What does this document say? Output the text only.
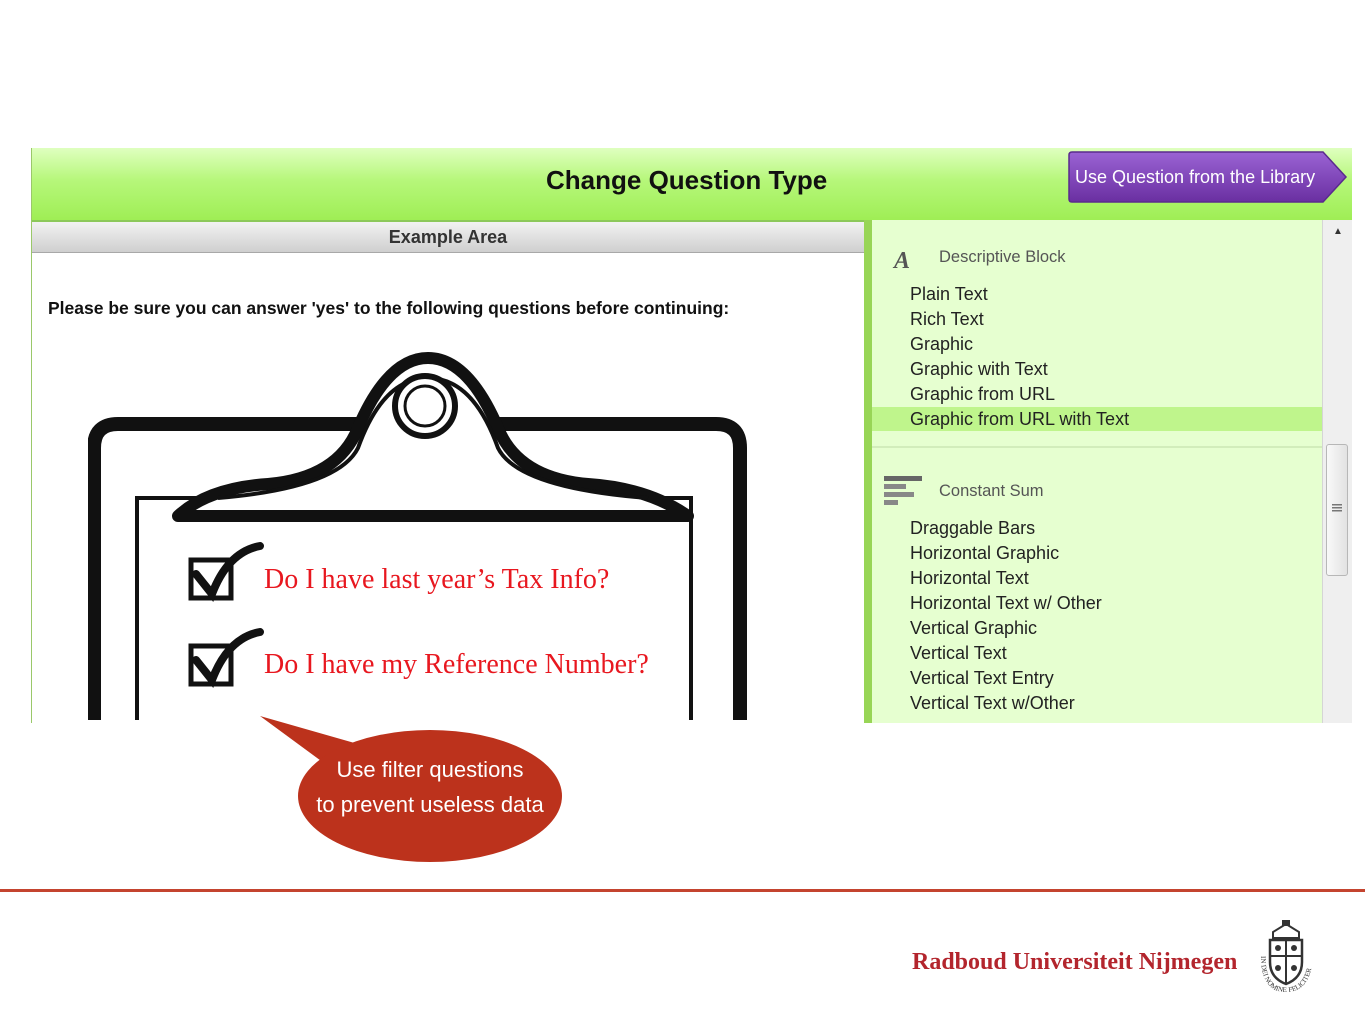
Change Question Type	Use Question from the Library
Example Area
Please be sure you can answer 'yes' to the following questions before continuing:
Do I have last year’s Tax Info?
Do I have my Reference Number?
A Descriptive Block
Plain Text
Rich Text
Graphic
Graphic with Text
Graphic from URL
Graphic from URL with Text
Constant Sum
Draggable Bars
Horizontal Graphic
Horizontal Text
Horizontal Text w/ Other
Vertical Graphic
Vertical Text
Vertical Text Entry
Vertical Text w/Other
▲
Use filter questions
to prevent useless data
Radboud Universiteit Nijmegen	IN DEI NOMINE FELICITER
